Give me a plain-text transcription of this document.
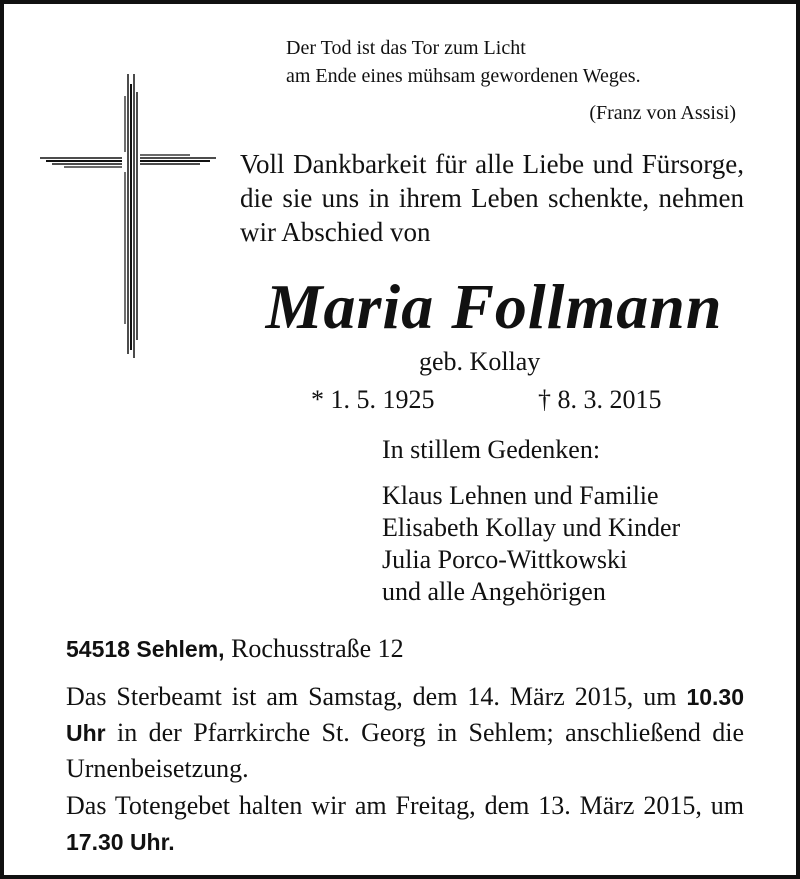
Der Tod ist das Tor zum Licht
am Ende eines mühsam gewordenen Weges.
(Franz von Assisi)
Voll Dankbarkeit für alle Liebe und Fürsorge, die sie uns in ihrem Leben schenkte, nehmen wir Abschied von
Maria Follmann
geb. Kollay
* 1. 5. 1925	† 8. 3. 2015
In stillem Gedenken:
Klaus Lehnen und Familie
Elisabeth Kollay und Kinder
Julia Porco-Wittkowski
und alle Angehörigen
54518 Sehlem, Rochusstraße 12
Das Sterbeamt ist am Samstag, dem 14. März 2015, um 10.30 Uhr in der Pfarrkirche St. Georg in Sehlem; anschließend die Urnenbeisetzung.
Das Totengebet halten wir am Freitag, dem 13. März 2015, um 17.30 Uhr.
